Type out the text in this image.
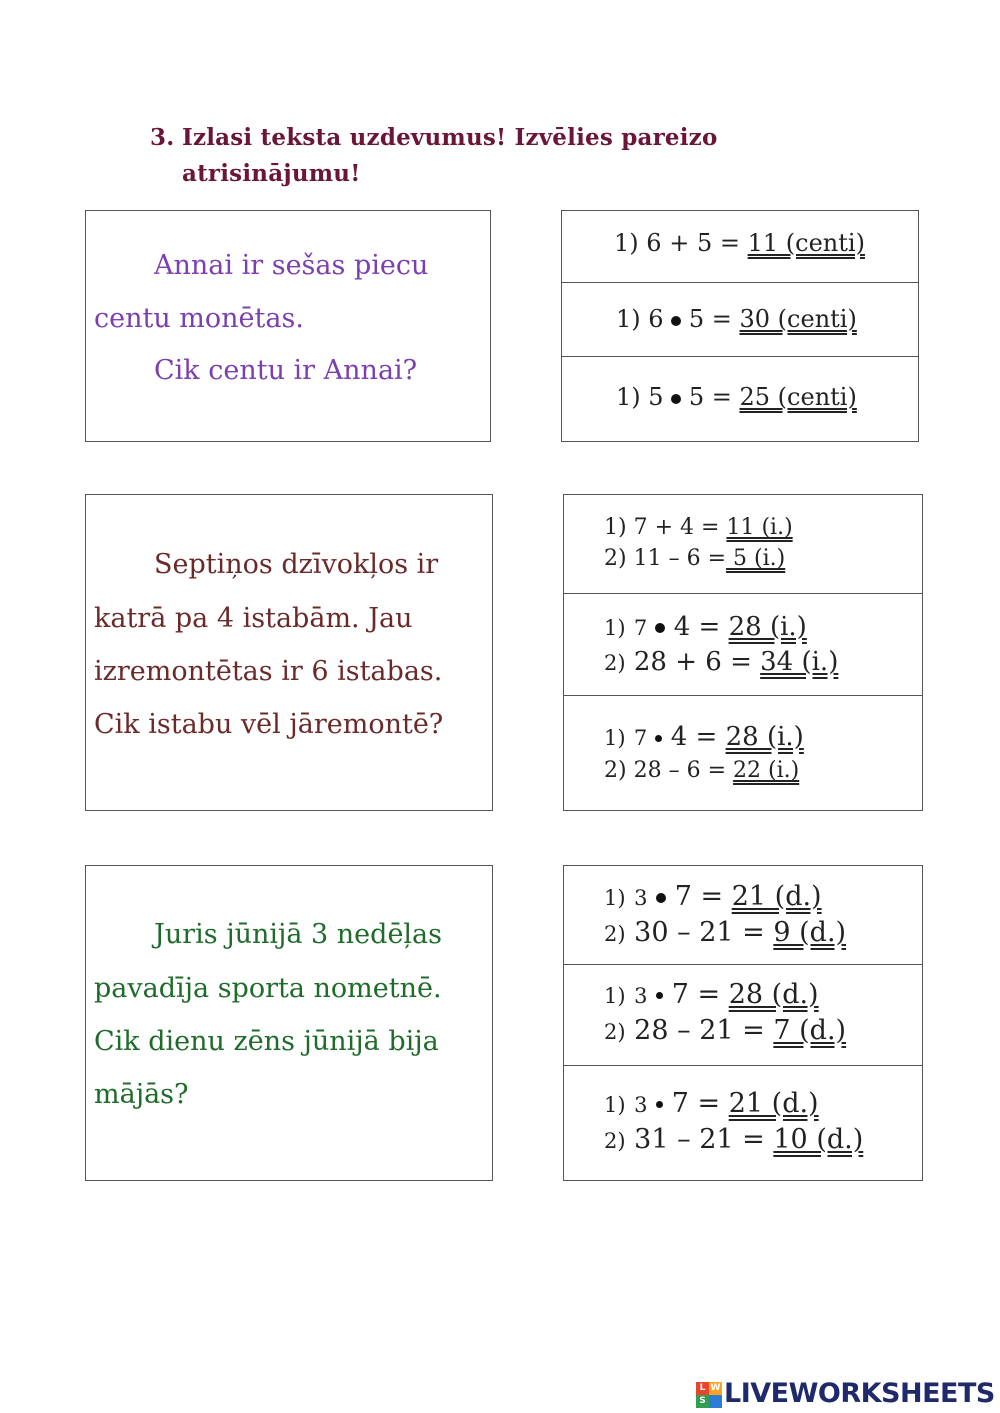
3. Izlasi teksta uzdevumus! Izvēlies pareizo
atrisinājumu!
Annai ir sešas piecu
centu monētas.
Cik centu ir Annai?
1) 6 + 5 = 11 (centi)
1) 6 5 = 30 (centi)
1) 5 5 = 25 (centi)
Septiņos dzīvokļos ir
katrā pa 4 istabām. Jau
izremontētas ir 6 istabas.
Cik istabu vēl jāremontē?
1) 7 + 4 = 11 (i.)
2) 11 – 6 = 5 (i.)
1) 7 4 = 28 (i.)
2) 28 + 6 = 34 (i.)
1) 7 4 = 28 (i.)
2) 28 – 6 = 22 (i.)
Juris jūnijā 3 nedēļas
pavadīja sporta nometnē.
Cik dienu zēns jūnijā bija
mājās?
1) 3 7 = 21 (d.)
2) 30 – 21 = 9 (d.)
1) 3 7 = 28 (d.)
2) 28 – 21 = 7 (d.)
1) 3 7 = 21 (d.)
2) 31 – 21 = 10 (d.)
L W
S LIVEWORKSHEETS
